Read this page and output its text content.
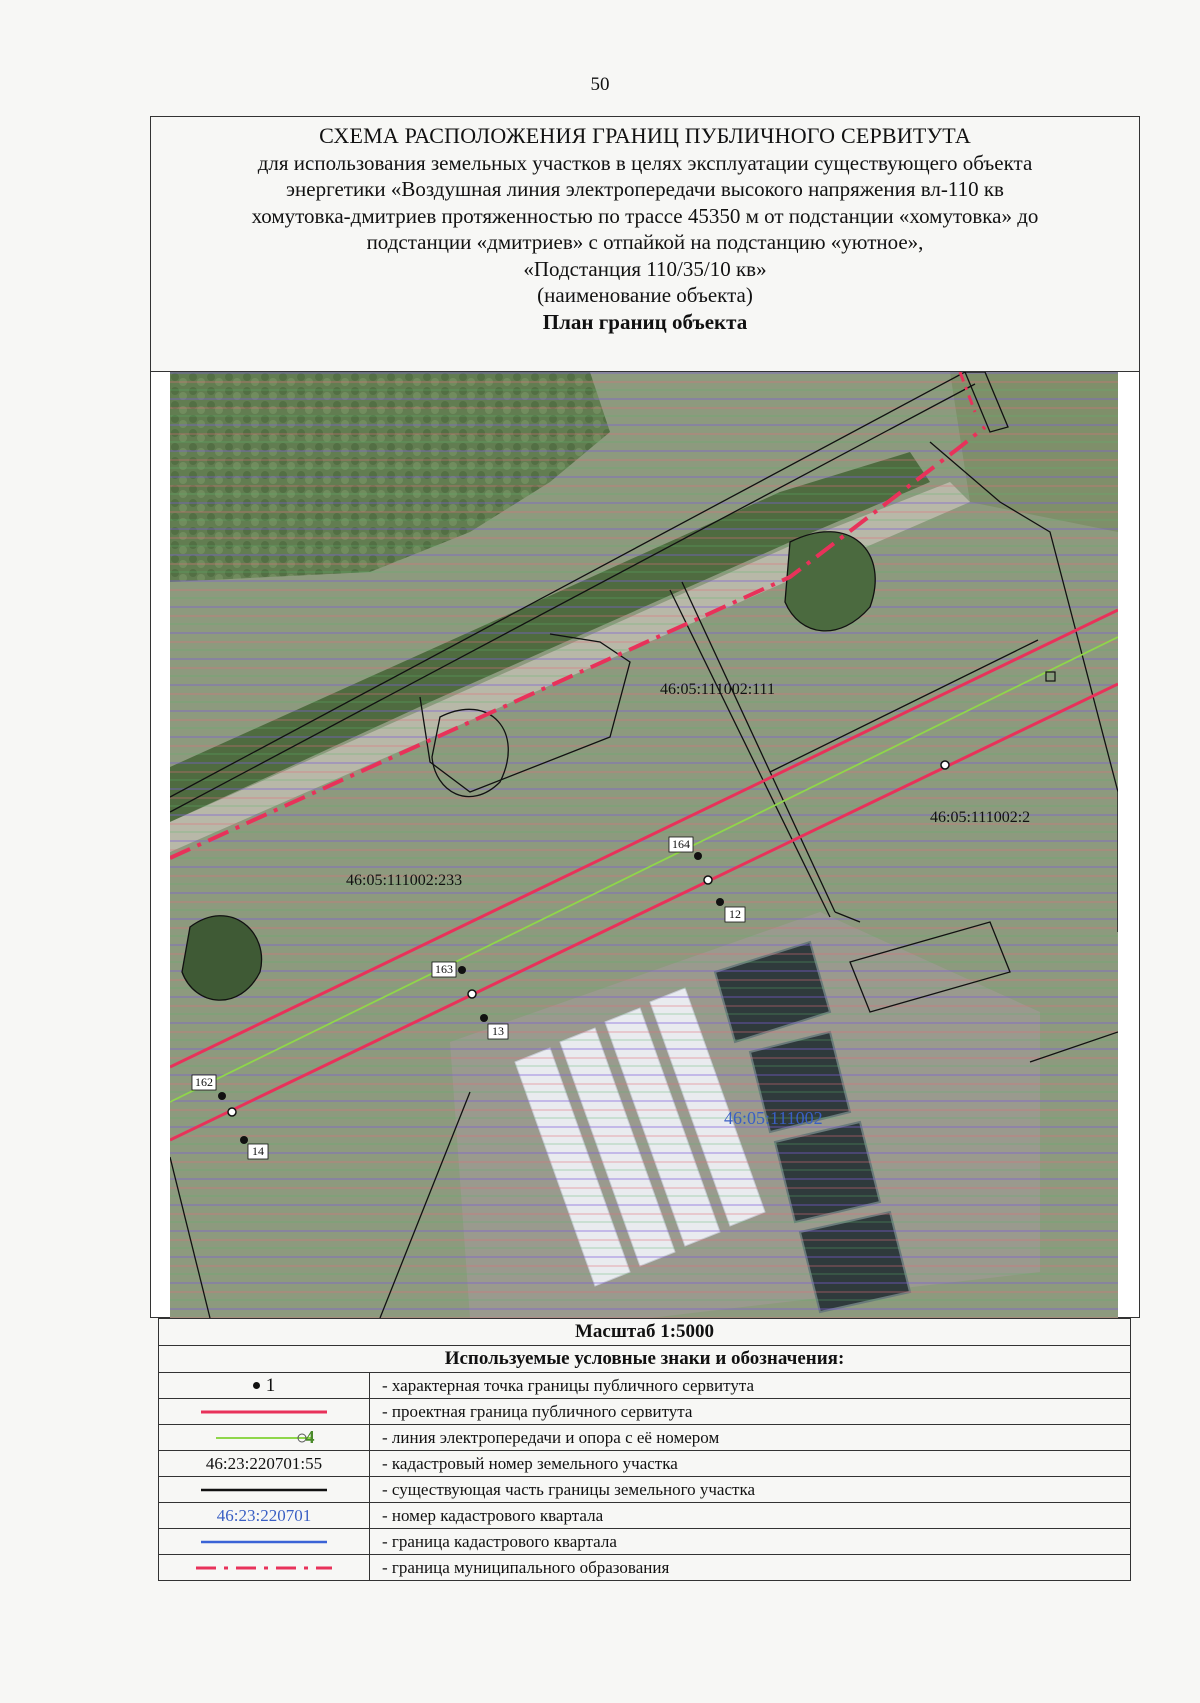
50
СХЕМА РАСПОЛОЖЕНИЯ ГРАНИЦ ПУБЛИЧНОГО СЕРВИТУТА
для использования земельных участков в целях эксплуатации существующего объекта
энергетики «Воздушная линия электропередачи высокого напряжения вл-110 кв
хомутовка-дмитриев протяженностью по трассе 45350 м от подстанции «хомутовка» до
подстанции «дмитриев» с отпайкой на подстанцию «уютное»,
«Подстанция 110/35/10 кв»
(наименование объекта)
План границ объекта
164
12
163
13
162
14
46:05:111002:111
46:05:111002:2
46:05:111002:233
46:05:111002
Масштаб 1:5000	
Используемые условные знаки и обозначения:	

1	- характерная точка границы публичного сервитута

	- проектная граница публичного сервитута

4	- линия электропередачи и опора с её номером
46:23:220701:55	- кадастровый номер земельного участка

	- существующая часть границы земельного участка
46:23:220701	- номер кадастрового квартала

	- граница кадастрового квартала

	- граница муниципального образования
